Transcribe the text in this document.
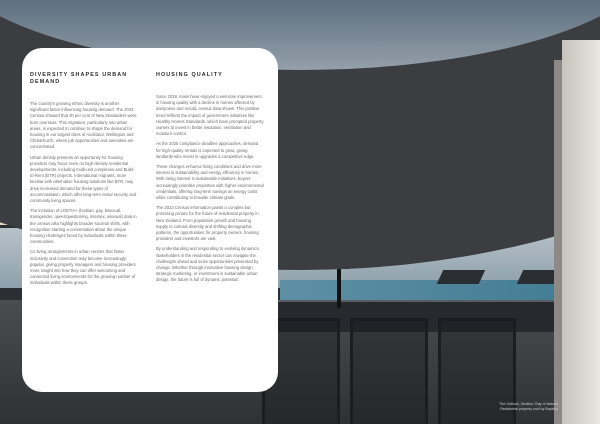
DIVERSITY SHAPES URBAN DEMAND

The country's growing ethnic diversity is another significant factor influencing housing demand. The 2023 Census showed that 30 per cent of New Zealanders were born overseas. This migration, particularly into urban areas, is expected to continue to shape the demand for housing in our largest cities of Auckland, Wellington and Christchurch, where job opportunities and amenities are concentrated.

Urban density presents an opportunity for housing providers may focus more on high-density residential developments, including multi-unit complexes and Build-to-Rent (BTR) projects. International migrants, more familiar with alternative housing solutions like BTR, may drive increased demand for these types of accommodation, which offer long-term rental security and community living spaces.

The inclusion of LGBTIA+ (lesbian, gay, bisexual, transgender, queer/questioning, intersex, asexual) data in the census also highlights broader societal shifts, with recognition starting a conversation about the unique housing challenges faced by individuals within these communities.

Co-living arrangements in urban centres that foster inclusivity and connection may become increasingly popular, giving property managers and housing providers more insight into how they can offer welcoming and connected living environments for the growing number of individuals within these groups.

HOUSING QUALITY

Since 2018, Kiwis have enjoyed a welcome improvement in housing quality with a decline in homes affected by dampness and mould, census data shows. This positive trend reflects the impact of government initiatives like Healthy Homes Standards, which have prompted property owners to invest in better insulation, ventilation and moisture control.

As the 2025 compliance deadline approaches, demand for high-quality rentals is expected to grow, giving landlords who invest in upgrades a competitive edge.

These changes enhance living conditions and drive more interest in sustainability and energy efficiency in homes. With rising interest in sustainable initiatives, buyers increasingly prioritise properties with higher environmental credentials, offering long-term savings on energy costs while contributing to broader climate goals.

The 2023 Census information paints a complex but promising picture for the future of residential property in New Zealand. From population growth and housing supply to cultural diversity and shifting demographic patterns, the opportunities for property owners, housing providers and investors are vast.

By understanding and responding to evolving dynamics, stakeholders in the residential sector can navigate the challenges ahead and seize opportunities presented by change. Whether through innovative housing design, strategic marketing, or investment in sustainable urban design, the future is full of dynamic potential.

The Outlook, Omaha / Bay of Islands Residential property sold by Bayleys
